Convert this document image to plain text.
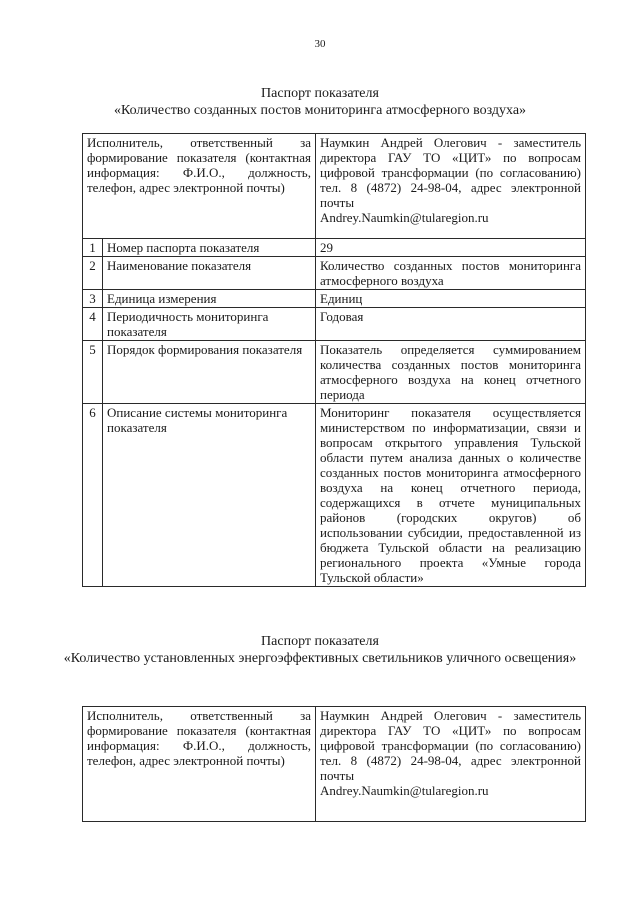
30
Паспорт показателя
«Количество созданных постов мониторинга атмосферного воздуха»
Исполнитель, ответственный за формирование показателя (контактная информация: Ф.И.О., должность, телефон, адрес электронной почты)		Наумкин Андрей Олегович - заместитель директора ГАУ ТО «ЦИТ» по вопросам цифровой трансформации (по согласованию) тел. 8 (4872) 24-98-04, адрес электронной почты
Andrey.Naumkin@tularegion.ru
1	Номер паспорта показателя	29
2	Наименование показателя	Количество созданных постов мониторинга атмосферного воздуха
3	Единица измерения	Единиц
4	Периодичность мониторинга показателя	Годовая
5	Порядок формирования показателя	Показатель определяется суммированием количества созданных постов мониторинга атмосферного воздуха на конец отчетного периода
6	Описание системы мониторинга показателя	Мониторинг показателя осуществляется министерством по информатизации, связи и вопросам открытого управления Тульской области путем анализа данных о количестве созданных постов мониторинга атмосферного воздуха на конец отчетного периода, содержащихся в отчете муниципальных районов (городских округов) об использовании субсидии, предоставленной из бюджета Тульской области на реализацию регионального проекта «Умные города Тульской области»
Паспорт показателя
«Количество установленных энергоэффективных светильников уличного освещения»
Исполнитель, ответственный за формирование показателя (контактная информация: Ф.И.О., должность, телефон, адрес электронной почты)	Наумкин Андрей Олегович - заместитель директора ГАУ ТО «ЦИТ» по вопросам цифровой трансформации (по согласованию) тел. 8 (4872) 24-98-04, адрес электронной почты
Andrey.Naumkin@tularegion.ru
